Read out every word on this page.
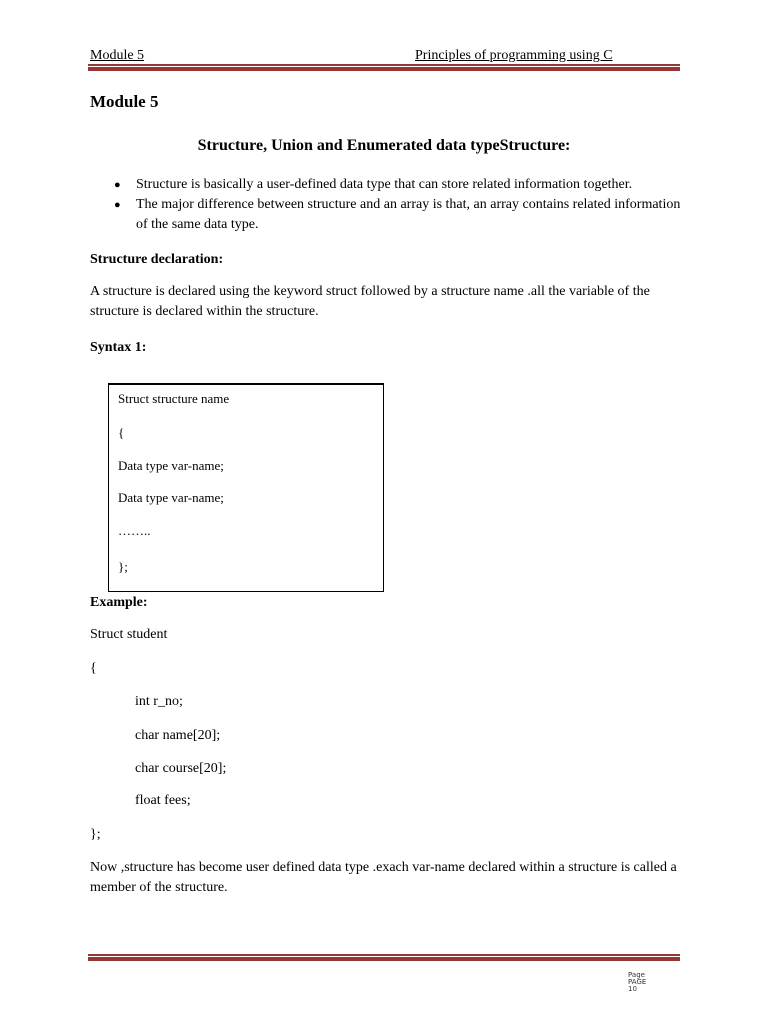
Module 5	Principles of programming using C
Module 5
Structure, Union and Enumerated data typeStructure:
● Structure is basically a user-defined data type that can store related information together.
● The major difference between structure and an array is that, an array contains related information of the same data type.
Structure declaration:
A structure is declared using the keyword struct followed by a structure name .all the variable of the structure is declared within the structure.
Syntax 1:
Struct structure name
{
Data type var-name;
Data type var-name;
……..
};
Example:
Struct student
{
int r_no;
char name[20];
char course[20];
float fees;
};
Now ,structure has become user defined data type .exach var-name declared within a structure is called a member of the structure.
Page
PAGE
10
